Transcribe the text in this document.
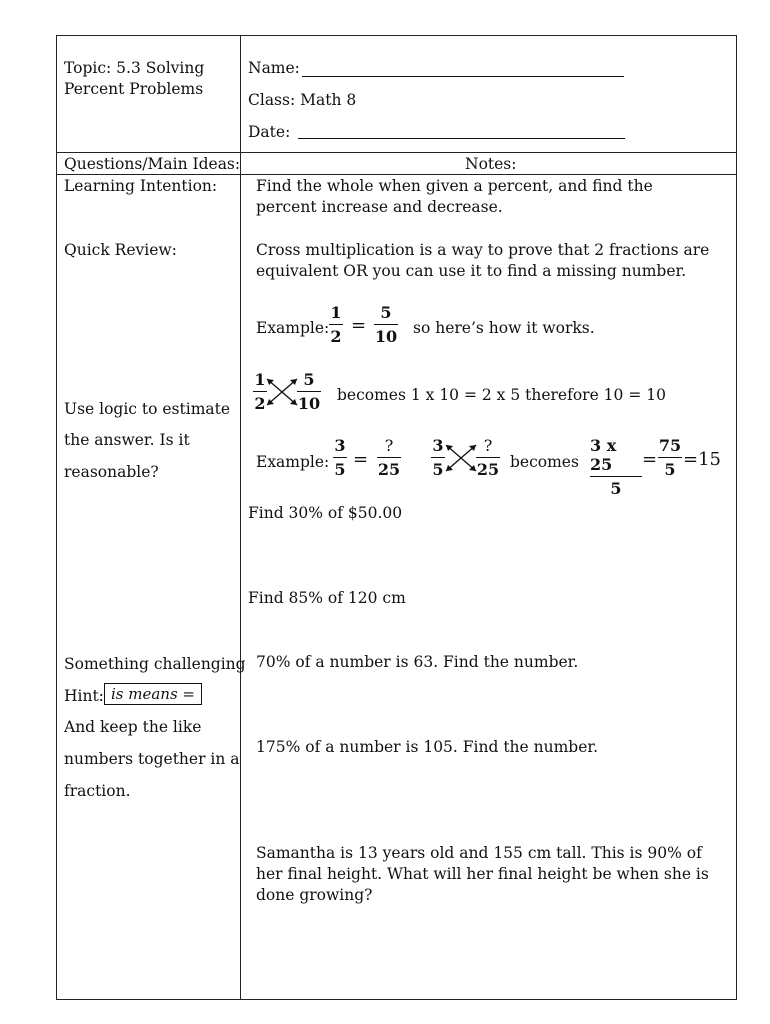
Topic: 5.3 Solving Percent Problems
Name:
Class: Math 8
Date:
Questions/Main Ideas:	Notes:
Learning Intention:
Quick Review:
Use logic to estimate
the answer. Is it
reasonable?
Something challenging
Hint: is means =
And keep the like
numbers together in a
fraction.
Find the whole when given a percent, and find the percent increase and decrease.
Cross multiplication is a way to prove that 2 fractions are equivalent OR you can use it to find a missing number.
Example:
1
2
=
5
10 so here’s how it works.
1
2
5
10 becomes 1 x 10 = 2 x 5 therefore 10 = 10
Example:
3
5 =
?
25
3
5
?
25 becomes
3 x 25
5
=
75
5 =15
Find 30% of $50.00
Find 85% of 120 cm
70% of a number is 63. Find the number.
175% of a number is 105. Find the number.
Samantha is 13 years old and 155 cm tall. This is 90% of her final height. What will her final height be when she is done growing?
